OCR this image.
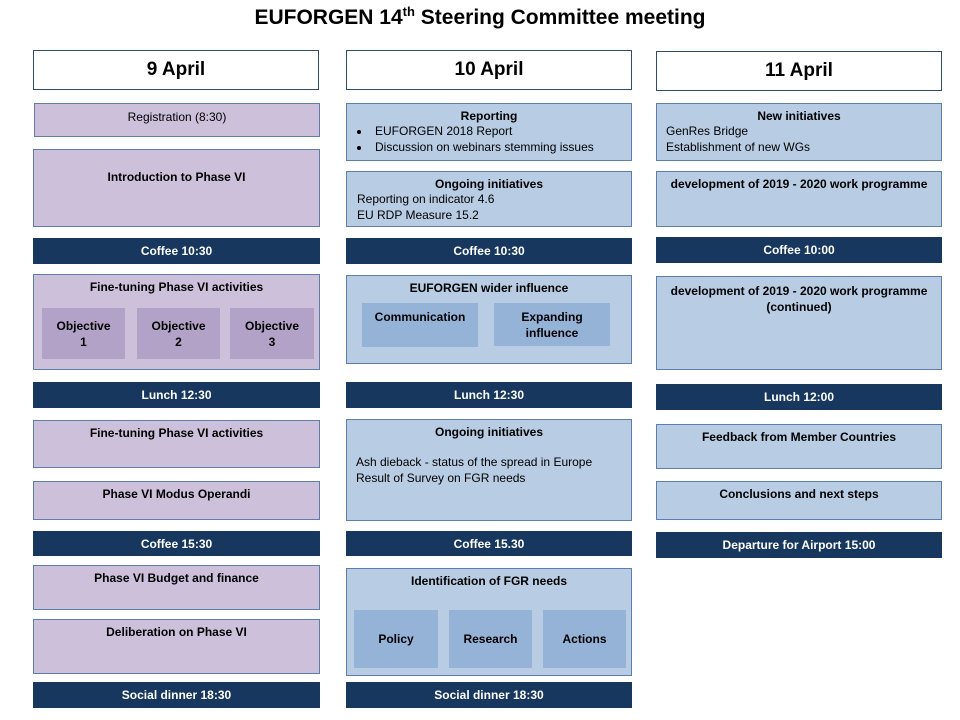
EUFORGEN 14th Steering Committee meeting
9 April
Registration (8:30)
Introduction to Phase VI
Coffee 10:30
Fine-tuning Phase VI activities
Objective
1
Objective
2
Objective
3
Lunch 12:30
Fine-tuning Phase VI activities
Phase VI Modus Operandi
Coffee 15:30
Phase VI Budget and finance
Deliberation on Phase VI
Social dinner 18:30
10 April
Reporting
• EUFORGEN 2018 Report
• Discussion on webinars stemming issues
Ongoing initiatives
Reporting on indicator 4.6
EU RDP Measure 15.2
Coffee 10:30
EUFORGEN wider influence
Communication	Expanding
influence
Lunch 12:30
Ongoing initiatives
Ash dieback - status of the spread in Europe
Result of Survey on FGR needs
Coffee 15.30
Identification of FGR needs
Policy	Research	Actions
Social dinner 18:30
11 April
New initiatives
GenRes Bridge
Establishment of new WGs
development of 2019 - 2020 work programme
Coffee 10:00
development of 2019 - 2020 work programme
(continued)
Lunch 12:00
Feedback from Member Countries
Conclusions and next steps
Departure for Airport 15:00
